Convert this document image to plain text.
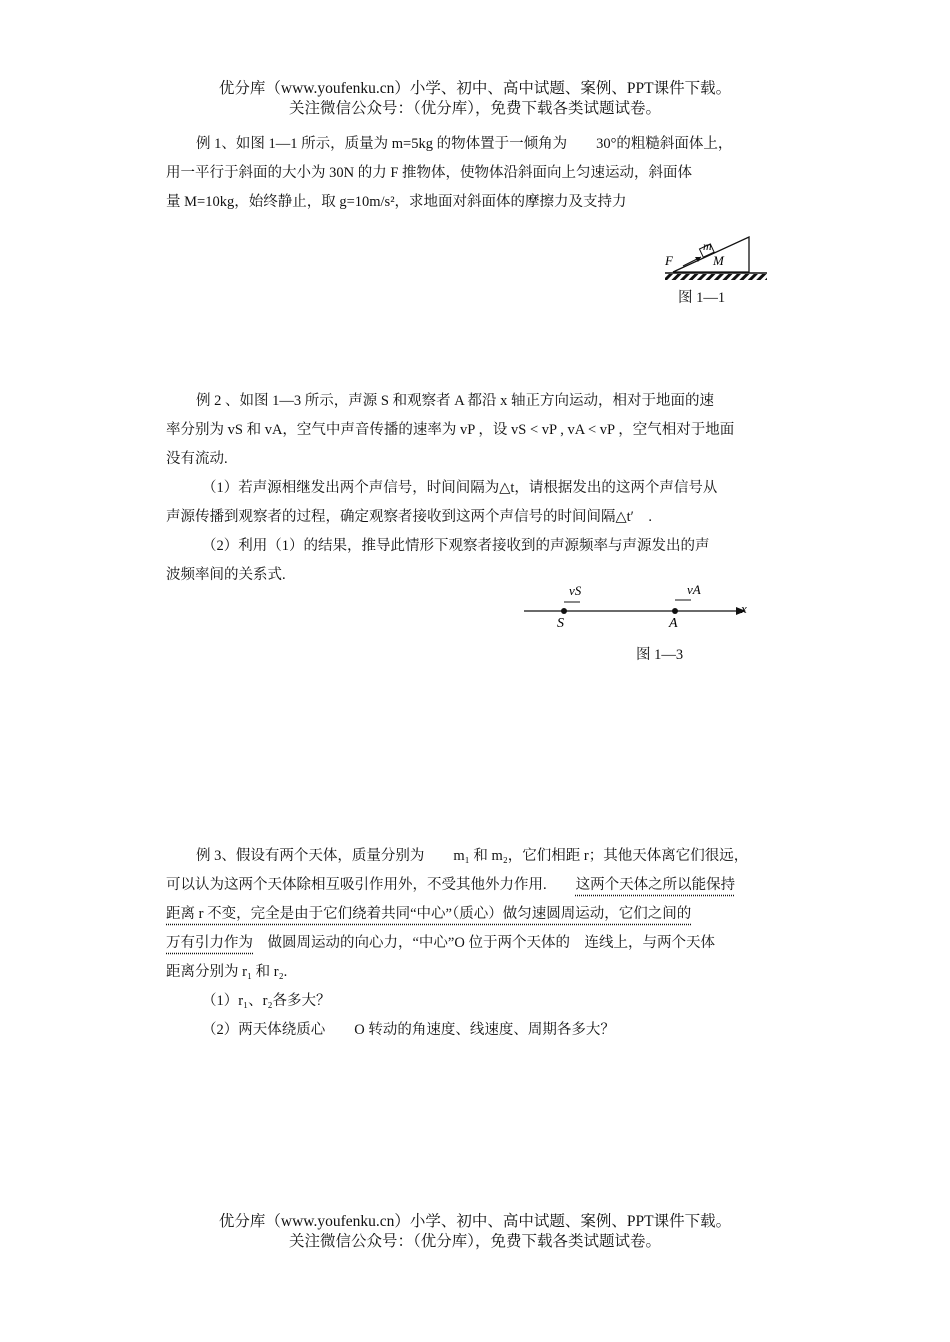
优分库（www.youfenku.cn）小学、初中、高中试题、案例、PPT课件下载。
关注微信公众号：（优分库），免费下载各类试题试卷。
例 1、如图 1—1 所示，质量为 m=5kg 的物体置于一倾角为　　30°的粗糙斜面体上，
用一平行于斜面的大小为 30N 的力 F 推物体，使物体沿斜面向上匀速运动，斜面体
量 M=10kg，始终静止，取 g=10m/s²，求地面对斜面体的摩擦力及支持力
F
m
M
图 1—1
例 2 、如图 1—3 所示，声源 S 和观察者 A 都沿 x 轴正方向运动，相对于地面的速
率分别为 vS 和 vA，空气中声音传播的速率为 vP ，设 vS < vP , vA < vP ，空气相对于地面
没有流动.
（1）若声源相继发出两个声信号，时间间隔为△t，请根据发出的这两个声信号从
声源传播到观察者的过程，确定观察者接收到这两个声信号的时间间隔△t′　.
（2）利用（1）的结果，推导此情形下观察者接收到的声源频率与声源发出的声
波频率间的关系式.
vS	vA
S	A
x
图 1—3
例 3、假设有两个天体，质量分别为　　m₁ 和 m₂，它们相距 r；其他天体离它们很远，
可以认为这两个天体除相互吸引作用外，不受其他外力作用.　　这两个天体之所以能保持
距离 r 不变，完全是由于它们绕着共同“中心”（质心）做匀速圆周运动，它们之间的
万有引力作为　 做圆周运动的向心力，“中心”O 位于两个天体的　 连线上，与两个天体
距离分别为 r₁ 和 r₂.
（1）r₁、r₂各多大？
（2）两天体绕质心　　O 转动的角速度、线速度、周期各多大？
优分库（www.youfenku.cn）小学、初中、高中试题、案例、PPT课件下载。
关注微信公众号：（优分库），免费下载各类试题试卷。
